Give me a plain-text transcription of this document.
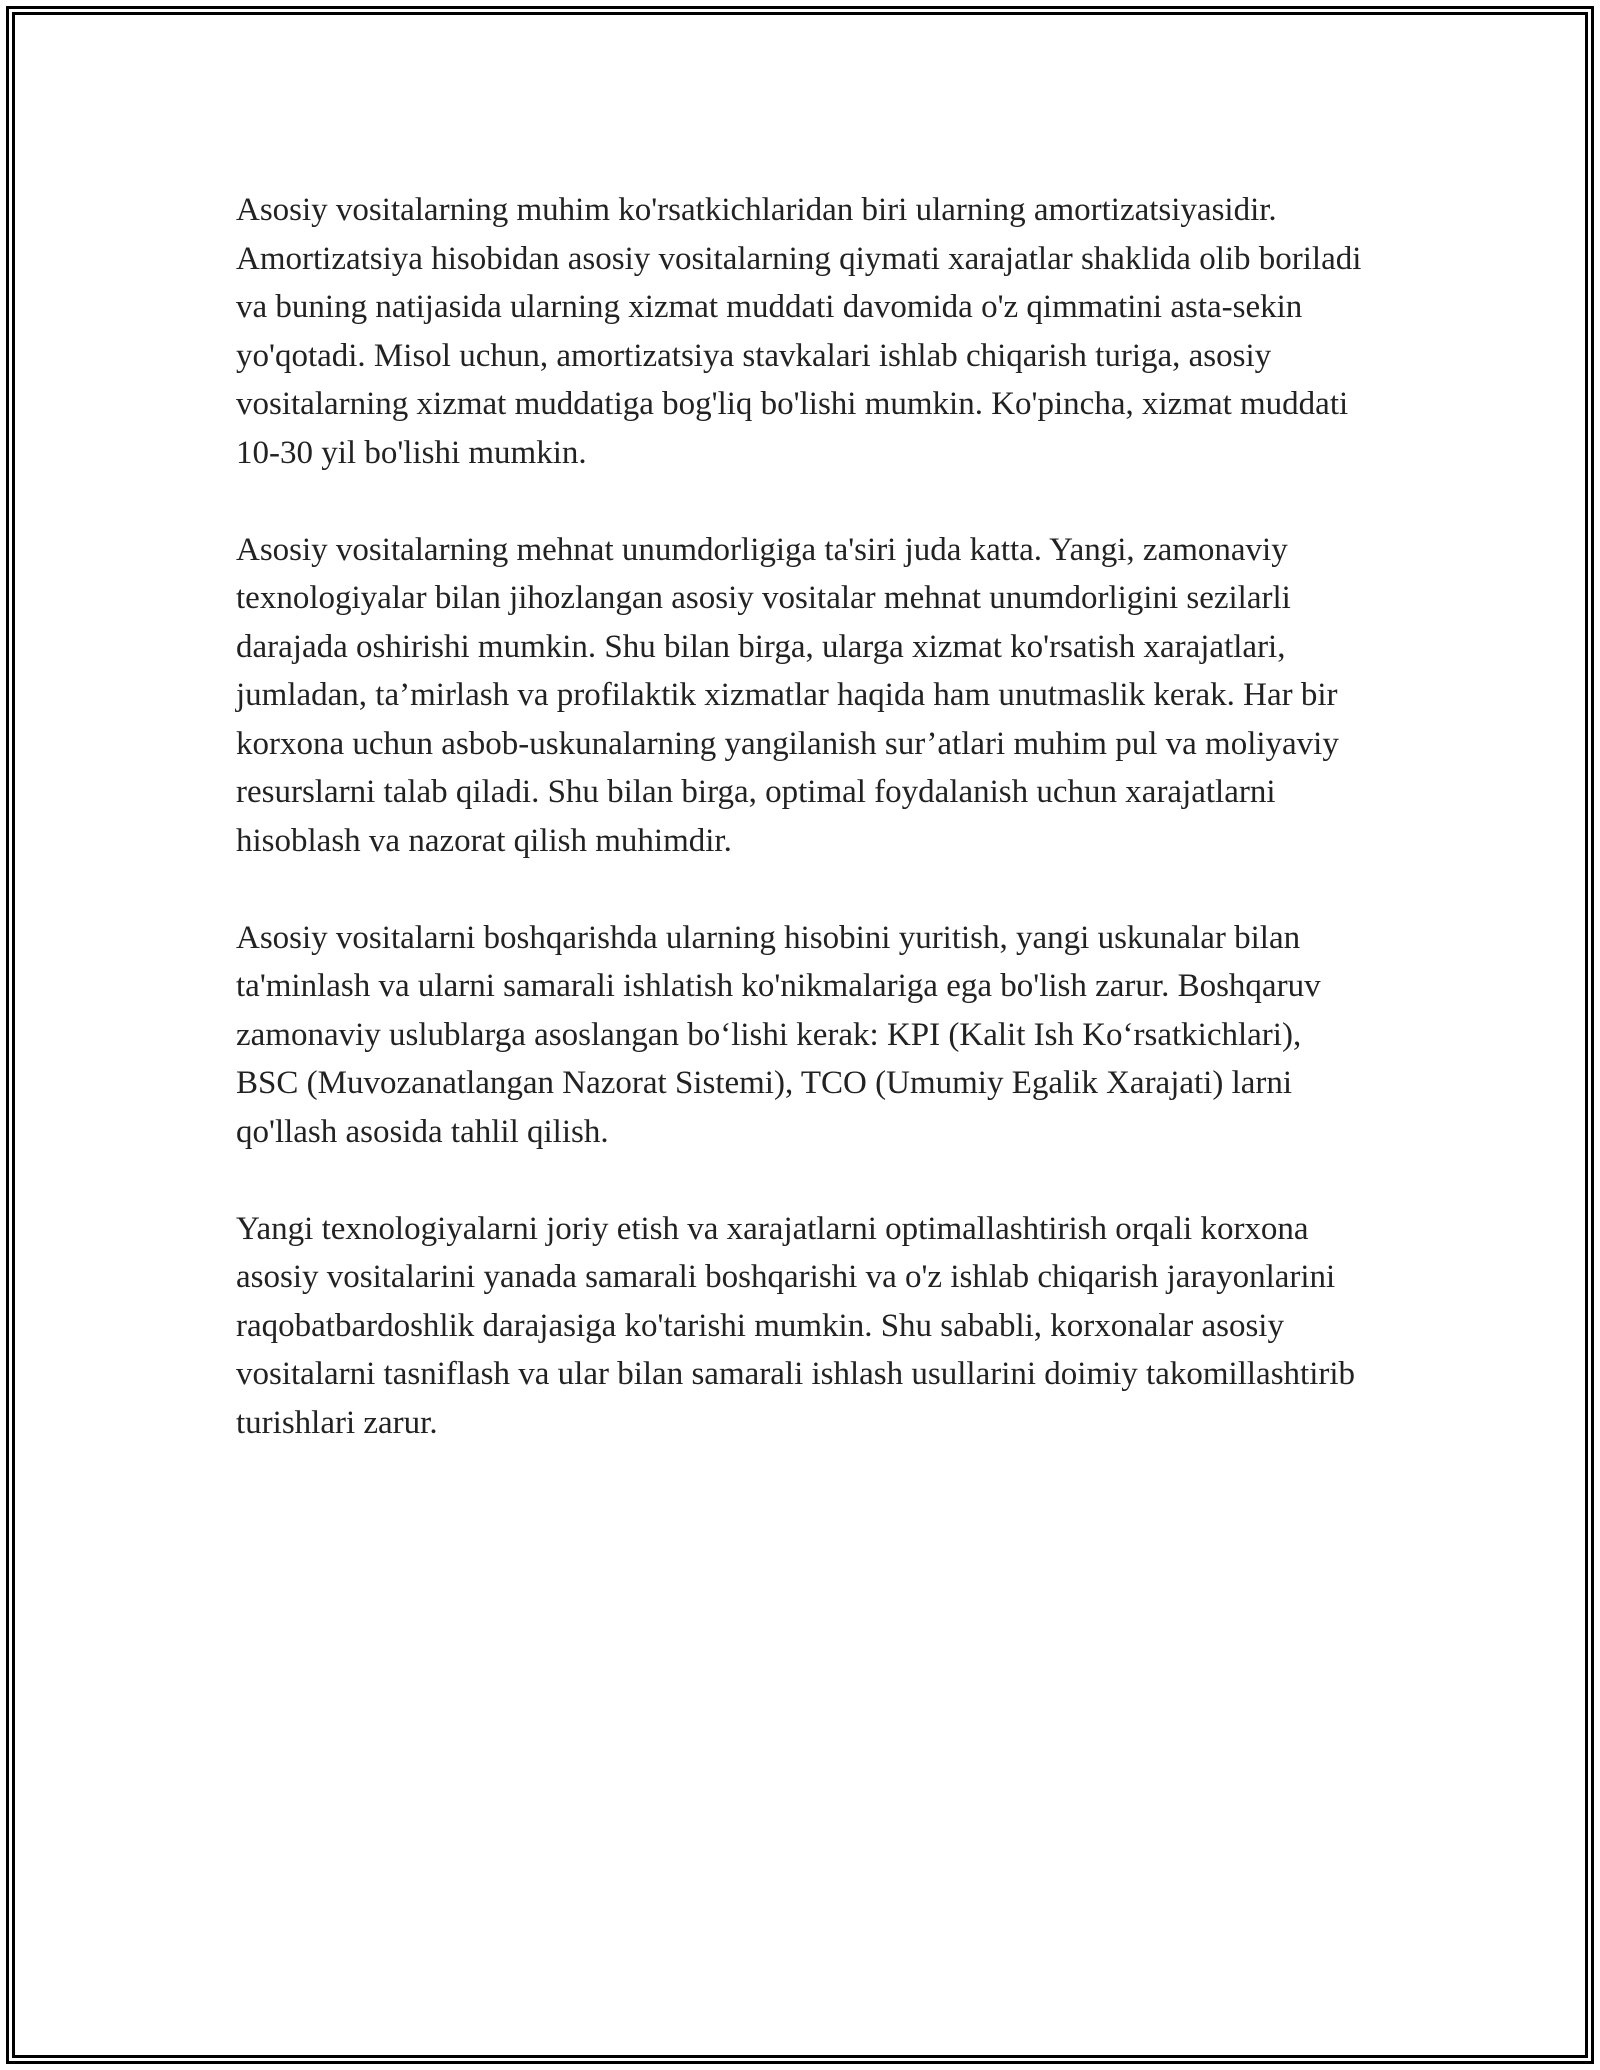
Asosiy vositalarning muhim ko'rsatkichlaridan biri ularning amortizatsiyasidir. Amortizatsiya hisobidan asosiy vositalarning qiymati xarajatlar shaklida olib boriladi va buning natijasida ularning xizmat muddati davomida o'z qimmatini asta-sekin yo'qotadi. Misol uchun, amortizatsiya stavkalari ishlab chiqarish turiga, asosiy vositalarning xizmat muddatiga bog'liq bo'lishi mumkin. Ko'pincha, xizmat muddati 10-30 yil bo'lishi mumkin.

Asosiy vositalarning mehnat unumdorligiga ta'siri juda katta. Yangi, zamonaviy texnologiyalar bilan jihozlangan asosiy vositalar mehnat unumdorligini sezilarli darajada oshirishi mumkin. Shu bilan birga, ularga xizmat ko'rsatish xarajatlari, jumladan, ta’mirlash va profilaktik xizmatlar haqida ham unutmaslik kerak. Har bir korxona uchun asbob-uskunalarning yangilanish sur’atlari muhim pul va moliyaviy resurslarni talab qiladi. Shu bilan birga, optimal foydalanish uchun xarajatlarni hisoblash va nazorat qilish muhimdir.

Asosiy vositalarni boshqarishda ularning hisobini yuritish, yangi uskunalar bilan ta'minlash va ularni samarali ishlatish ko'nikmalariga ega bo'lish zarur. Boshqaruv zamonaviy uslublarga asoslangan boʻlishi kerak: KPI (Kalit Ish Koʻrsatkichlari), BSC (Muvozanatlangan Nazorat Sistemi), TCO (Umumiy Egalik Xarajati) larni qo'llash asosida tahlil qilish.

Yangi texnologiyalarni joriy etish va xarajatlarni optimallashtirish orqali korxona asosiy vositalarini yanada samarali boshqarishi va o'z ishlab chiqarish jarayonlarini raqobatbardoshlik darajasiga ko'tarishi mumkin. Shu sababli, korxonalar asosiy vositalarni tasniflash va ular bilan samarali ishlash usullarini doimiy takomillashtirib turishlari zarur.
